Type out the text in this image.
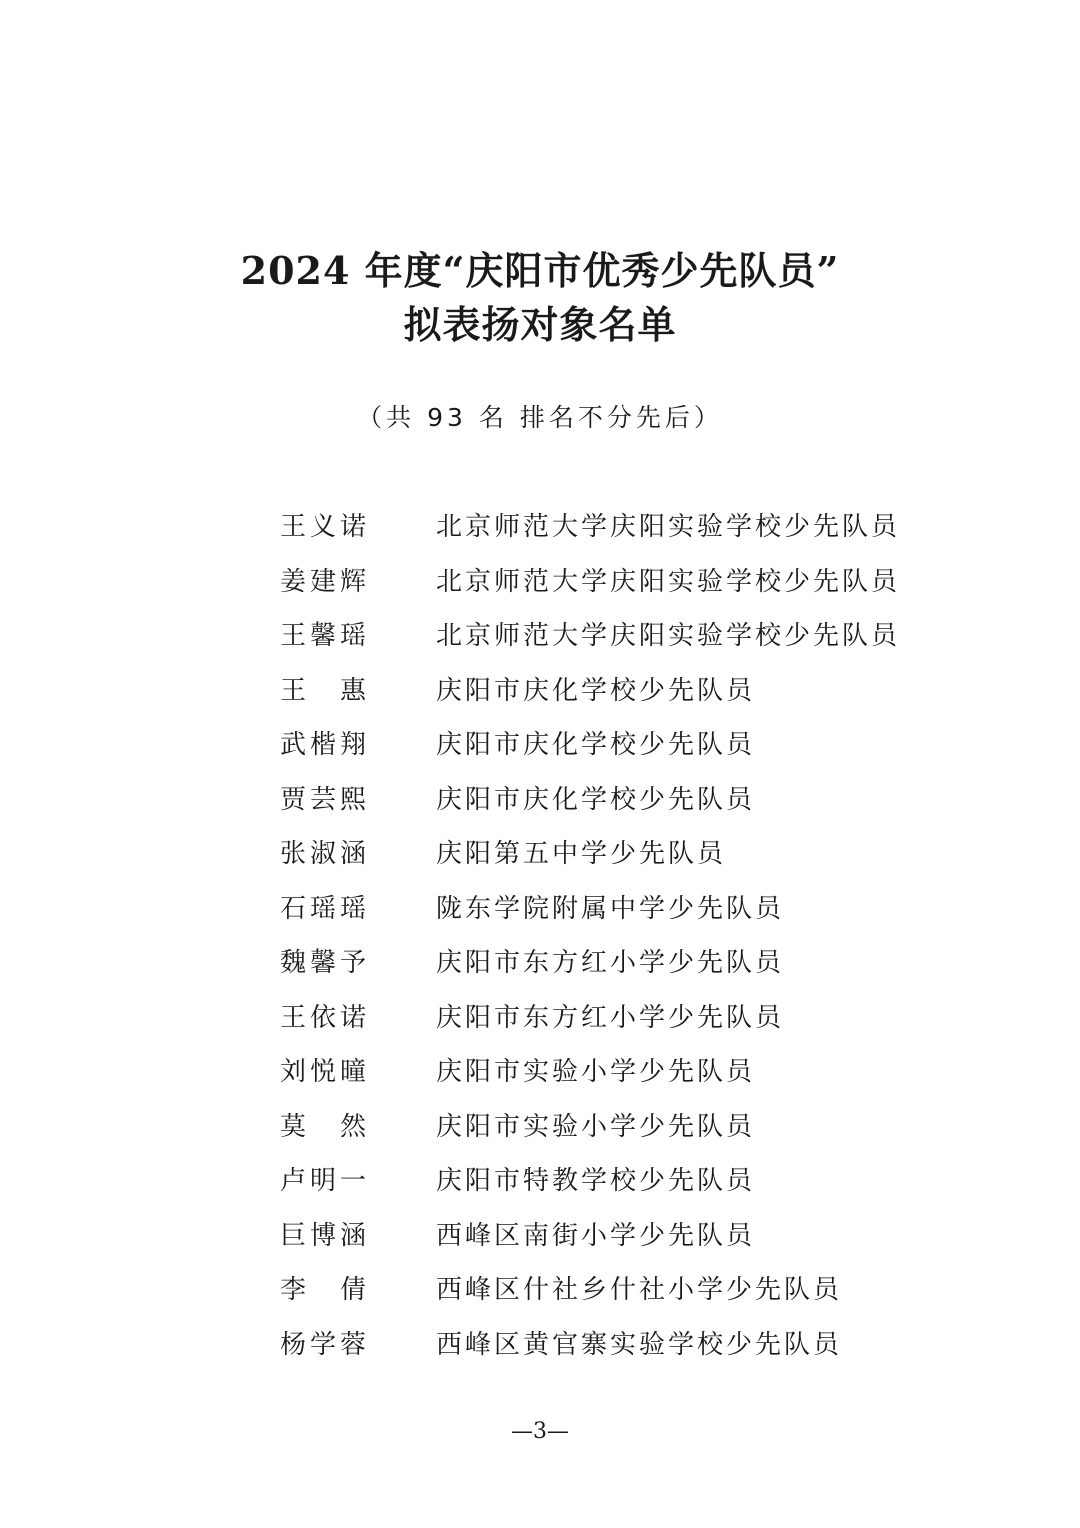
2024 年度“庆阳市优秀少先队员”
拟表扬对象名单
（共 93 名 排名不分先后）
王义诺	北京师范大学庆阳实验学校少先队员
姜建辉	北京师范大学庆阳实验学校少先队员
王馨瑶	北京师范大学庆阳实验学校少先队员
王　惠	庆阳市庆化学校少先队员
武楷翔	庆阳市庆化学校少先队员
贾芸熙	庆阳市庆化学校少先队员
张淑涵	庆阳第五中学少先队员
石瑶瑶	陇东学院附属中学少先队员
魏馨予	庆阳市东方红小学少先队员
王依诺	庆阳市东方红小学少先队员
刘悦曈	庆阳市实验小学少先队员
莫　然	庆阳市实验小学少先队员
卢明一	庆阳市特教学校少先队员
巨博涵	西峰区南街小学少先队员
李　倩	西峰区什社乡什社小学少先队员
杨学蓉	西峰区黄官寨实验学校少先队员
—3—
